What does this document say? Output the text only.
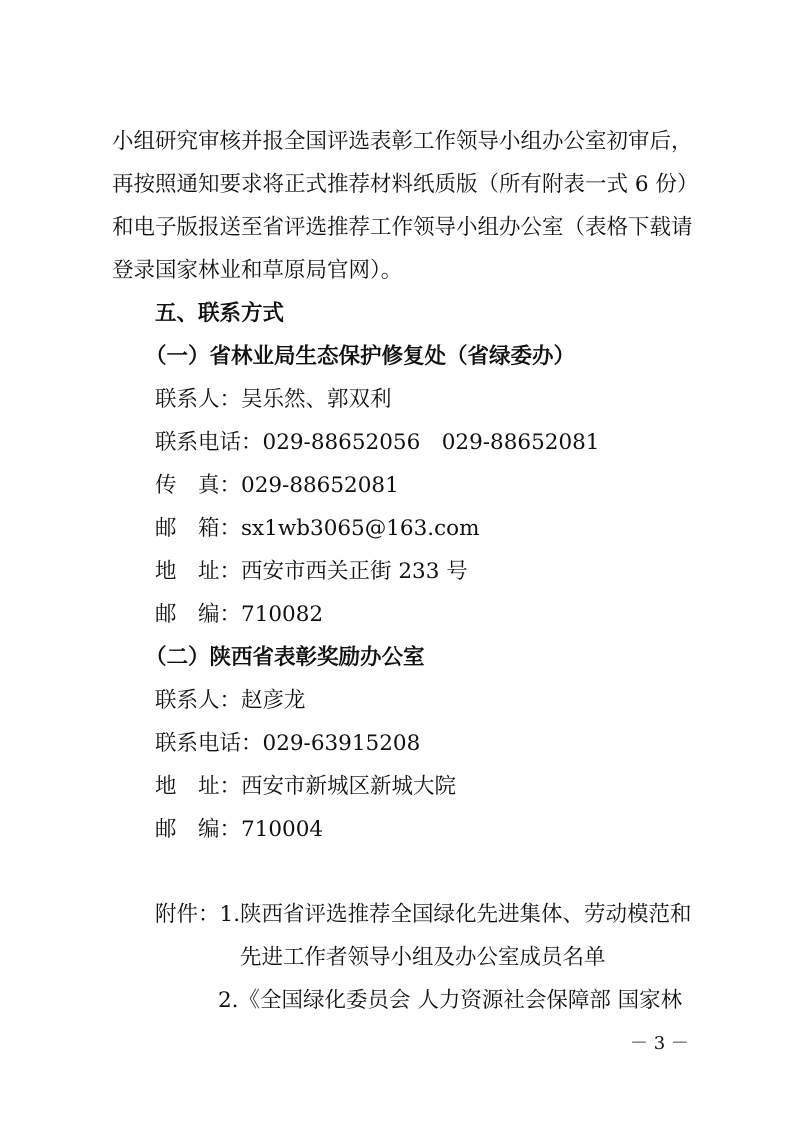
小组研究审核并报全国评选表彰工作领导小组办公室初审后，
再按照通知要求将正式推荐材料纸质版（所有附表一式 6 份）
和电子版报送至省评选推荐工作领导小组办公室（表格下载请
登录国家林业和草原局官网）。
五、联系方式
（一）省林业局生态保护修复处（省绿委办）
联系人：吴乐然、郭双利
联系电话：029-88652056　029-88652081
传　真：029-88652081
邮　箱：sx1wb3065@163.com
地　址：西安市西关正街 233 号
邮　编：710082
（二）陕西省表彰奖励办公室
联系人：赵彦龙
联系电话：029-63915208
地　址：西安市新城区新城大院
邮　编：710004
附件：1.陕西省评选推荐全国绿化先进集体、劳动模范和
先进工作者领导小组及办公室成员名单
2.《全国绿化委员会 人力资源社会保障部 国家林
－ 3 －
